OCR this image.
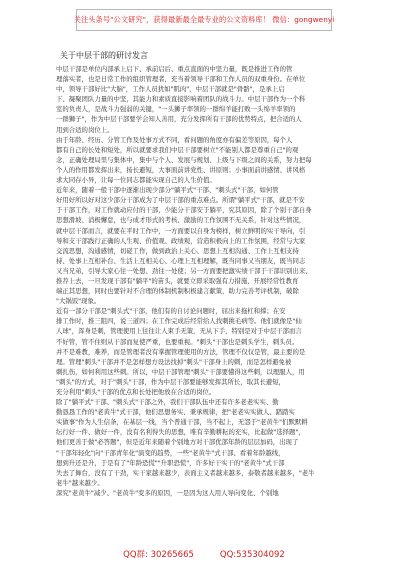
关注头条号"公文研究"，获得最新最全最专业的公文资料库！ 微信：gongwenyi
关于中层干部的研讨发言
中层干部是单位内部承上启下、承前启后、重点直面的中坚力量，既是推进工作的管
理落实者，也是日常工作的组织管理者，充当着领导干部和工作人员的双重身份。在单位
中，领导干部好比"大脑"，工作人员犹如"肌肉"，中层干部就是"骨骼"，是承上启
下、凝聚团队力量的中坚，其能力和素质直接影响着团队的战斗力。中层干部作为一个科
室的负责人，是战斗力强弱的关键，"一头狮子率领的一群绵羊能打败一头绵羊率领的
一群狮子"，作为中层干部要学会知人善用，充分发挥所有干部的优势特点，把合适的人
用到合适的岗位上。
由于年龄、经历、分管工作及处事方式不同，看问题的角度亦有偏差等原因，每个人
都有自己的长处和短处，所以就要求我们中层干部要树立"不能别人都是尊重自己"的观
念，正确处理局里与集体中，集中与个人、发展与规划、上级与下级之间的关系，努力把每
个人的作用都发挥出来，扬长避短，大事面前讲党性、讲原则；小事面前讲感情、讲风格
求大同存小异，让每一位同志都能实现自己的人生价值。
近年来，随着一般干部中逐渐出现少部分"躺平式"干部、"刺头式"干部，如何管
好用好所以好对这少部分干部成为了中层干部的重点难点。所谓"躺平式"干部，就是不安
于干部工作，对工作就动应付的干部，少能分干部安于躺平，究其原因，除了个别干部自身
思想滑坡、消极懈怠，也与成才形式的考核、激励的工作氛围不无关系，针对这些情况，
就中层干部而言，就要在平时工作中，一方面要以自身为榜样，树立鲜明的实干导向，引
导和支干部践行正确的人生观、价值观、政绩观，营造积极向上的工作氛围，经常与大家
交流思想，沟通感情，切磋工作，做到政治上关心、思想上互相沟通、工作上互相支持
持、处事上互相补台、生活上互相关心、心理上互相理解，既当同事又当朋友，既当同志
又当兄弟，引导大家心往一处想、劲往一处使；另一方面要把激实绩干部于干部识别出来、
推荐上去，一旦发现干部有"躺平"的苗头，就要立即采取强有力措施、开展经常性教育
端正其思想，同时也要针对不合理的体制机制积极建言献策，助力完善考评机制，破除
"大锅饭"现象。
近有一部分干部是"刺头式"干部，他们有的自讨论问题时，屈出来拖杠和撑；在安
排工作时，推三阻四，说三道四；在工作完成后经常给人找刺挑毛病等。他们就像是"仙
人球"，浑身是刺，管理使用上往往让人束手无策，无从下手，特别是对于中层干部而言
不好管，管不住则从干部而复使严重，也要重视。"刺头"干部也是刺头学生，刺头员。
并不是难教，难养，而是管理者没有掌握管理使用的方法，管理不仅仅是管，最主要的是
理。管理"刺头"干部并不是怎样想方设法找掉"刺头"干部身上的刺，而是怎样避免被
刺扎伤，如何利用这些刺。所以，中层干部管理"刺头"干部要懂得这些刺，以理服人，用
"刺头"的方式，对于"刺头"干部，作为中层干部要能够发挥其所长，取其长避短，
充分利用"刺头"干部的优点和长处把他放在合适的岗位。
除了"躺平式"干部、"刺头式"干部之外，我们干部队伍中还有许多老老实实、勤
勤恳恳工作的"老黄牛"式干部，他们思想务实、秉承规律，把"老老实实做人、踏踏实
实做事"作为人生信条，在基层一线，当个普通干部，当不起上，无怨于"老黄牛"们默默耕
纭行好一件、做好一件，没有名利得失的思想，唯有辛勤耕耘的充实，比起做"选择题"，
他们更善于做"必答题"，但是近年来随着个别地方对干部优部年龄的层层加码，出现了
"干部年轻化"向"干部青年化"演变的趋势，一些"老黄牛"式干部、看着年龄越线，
想到升还是升，于是有了"年龄恐慌""升职恐慌"，许多好干实干的"老黄牛"式干部
失去了舞台，没有了干劲，实干家越来越少，表面主义者越来越多，泰敬者越来越多，"老牛
老牛"越来越少。
深究"老黄牛"减少、"老黄牛"变多的原因，一是因为这人用人导向变化、个别地
QQ群: 30265665	QQ:535304092
